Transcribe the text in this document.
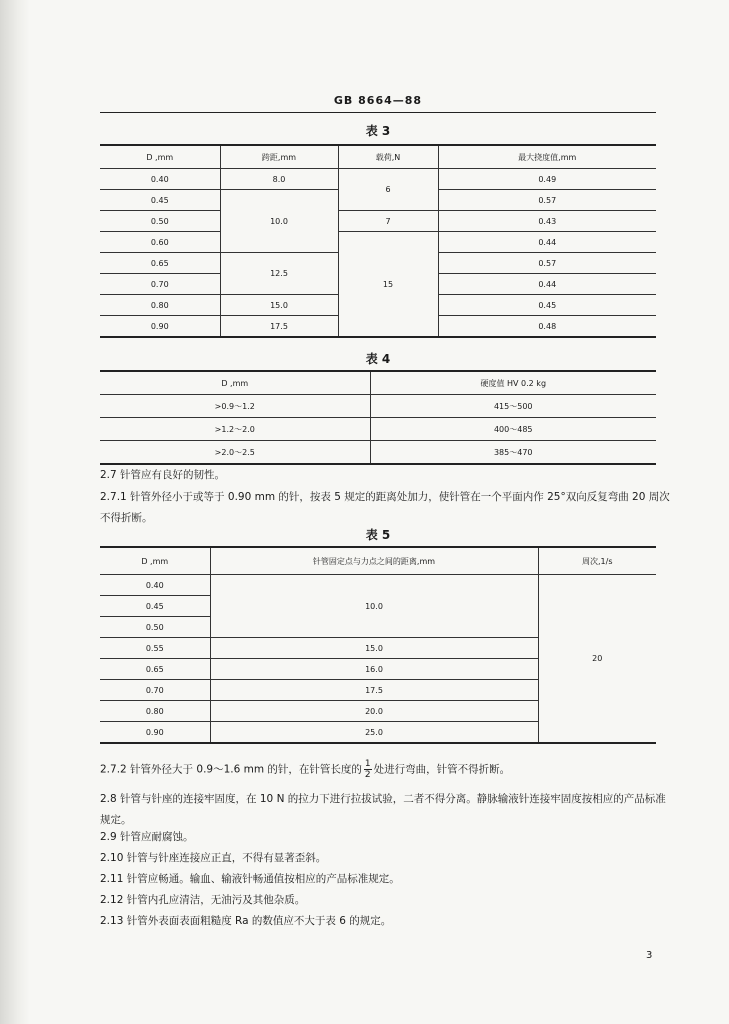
GB 8664—88
表 3
D ,mm	跨距,mm	载荷,N	最大挠度值,mm
0.40	8.0	6	0.49
0.45	10.0		0.57
0.50		7	0.43
0.60		15	0.44
0.65	12.5		0.57
0.70			0.44
0.80	15.0		0.45
0.90	17.5		0.48
表 4
D ,mm	硬度值 HV 0.2 kg
>0.9～1.2	415～500
>1.2～2.0	400～485
>2.0～2.5	385～470
2.7 针管应有良好的韧性。
2.7.1 针管外径小于或等于 0.90 mm 的针，按表 5 规定的距离处加力，使针管在一个平面内作 25°双向反复弯曲 20 周次不得折断。
表 5
D ,mm	针管固定点与力点之间的距离,mm	周次,1/s
0.40	10.0	20
0.45		
0.50		
0.55	15.0	
0.65	16.0	
0.70	17.5	
0.80	20.0	
0.90	25.0	
2.7.2 针管外径大于 0.9～1.6 mm 的针，在针管长度的 $\frac{1}{2}$ 处进行弯曲，针管不得折断。
2.8 针管与针座的连接牢固度，在 10 N 的拉力下进行拉拔试验，二者不得分离。静脉输液针连接牢固度按相应的产品标准规定。
2.9 针管应耐腐蚀。
2.10 针管与针座连接应正直，不得有显著歪斜。
2.11 针管应畅通。输血、输液针畅通值按相应的产品标准规定。
2.12 针管内孔应清洁，无油污及其他杂质。
2.13 针管外表面表面粗糙度 Ra 的数值应不大于表 6 的规定。
3
